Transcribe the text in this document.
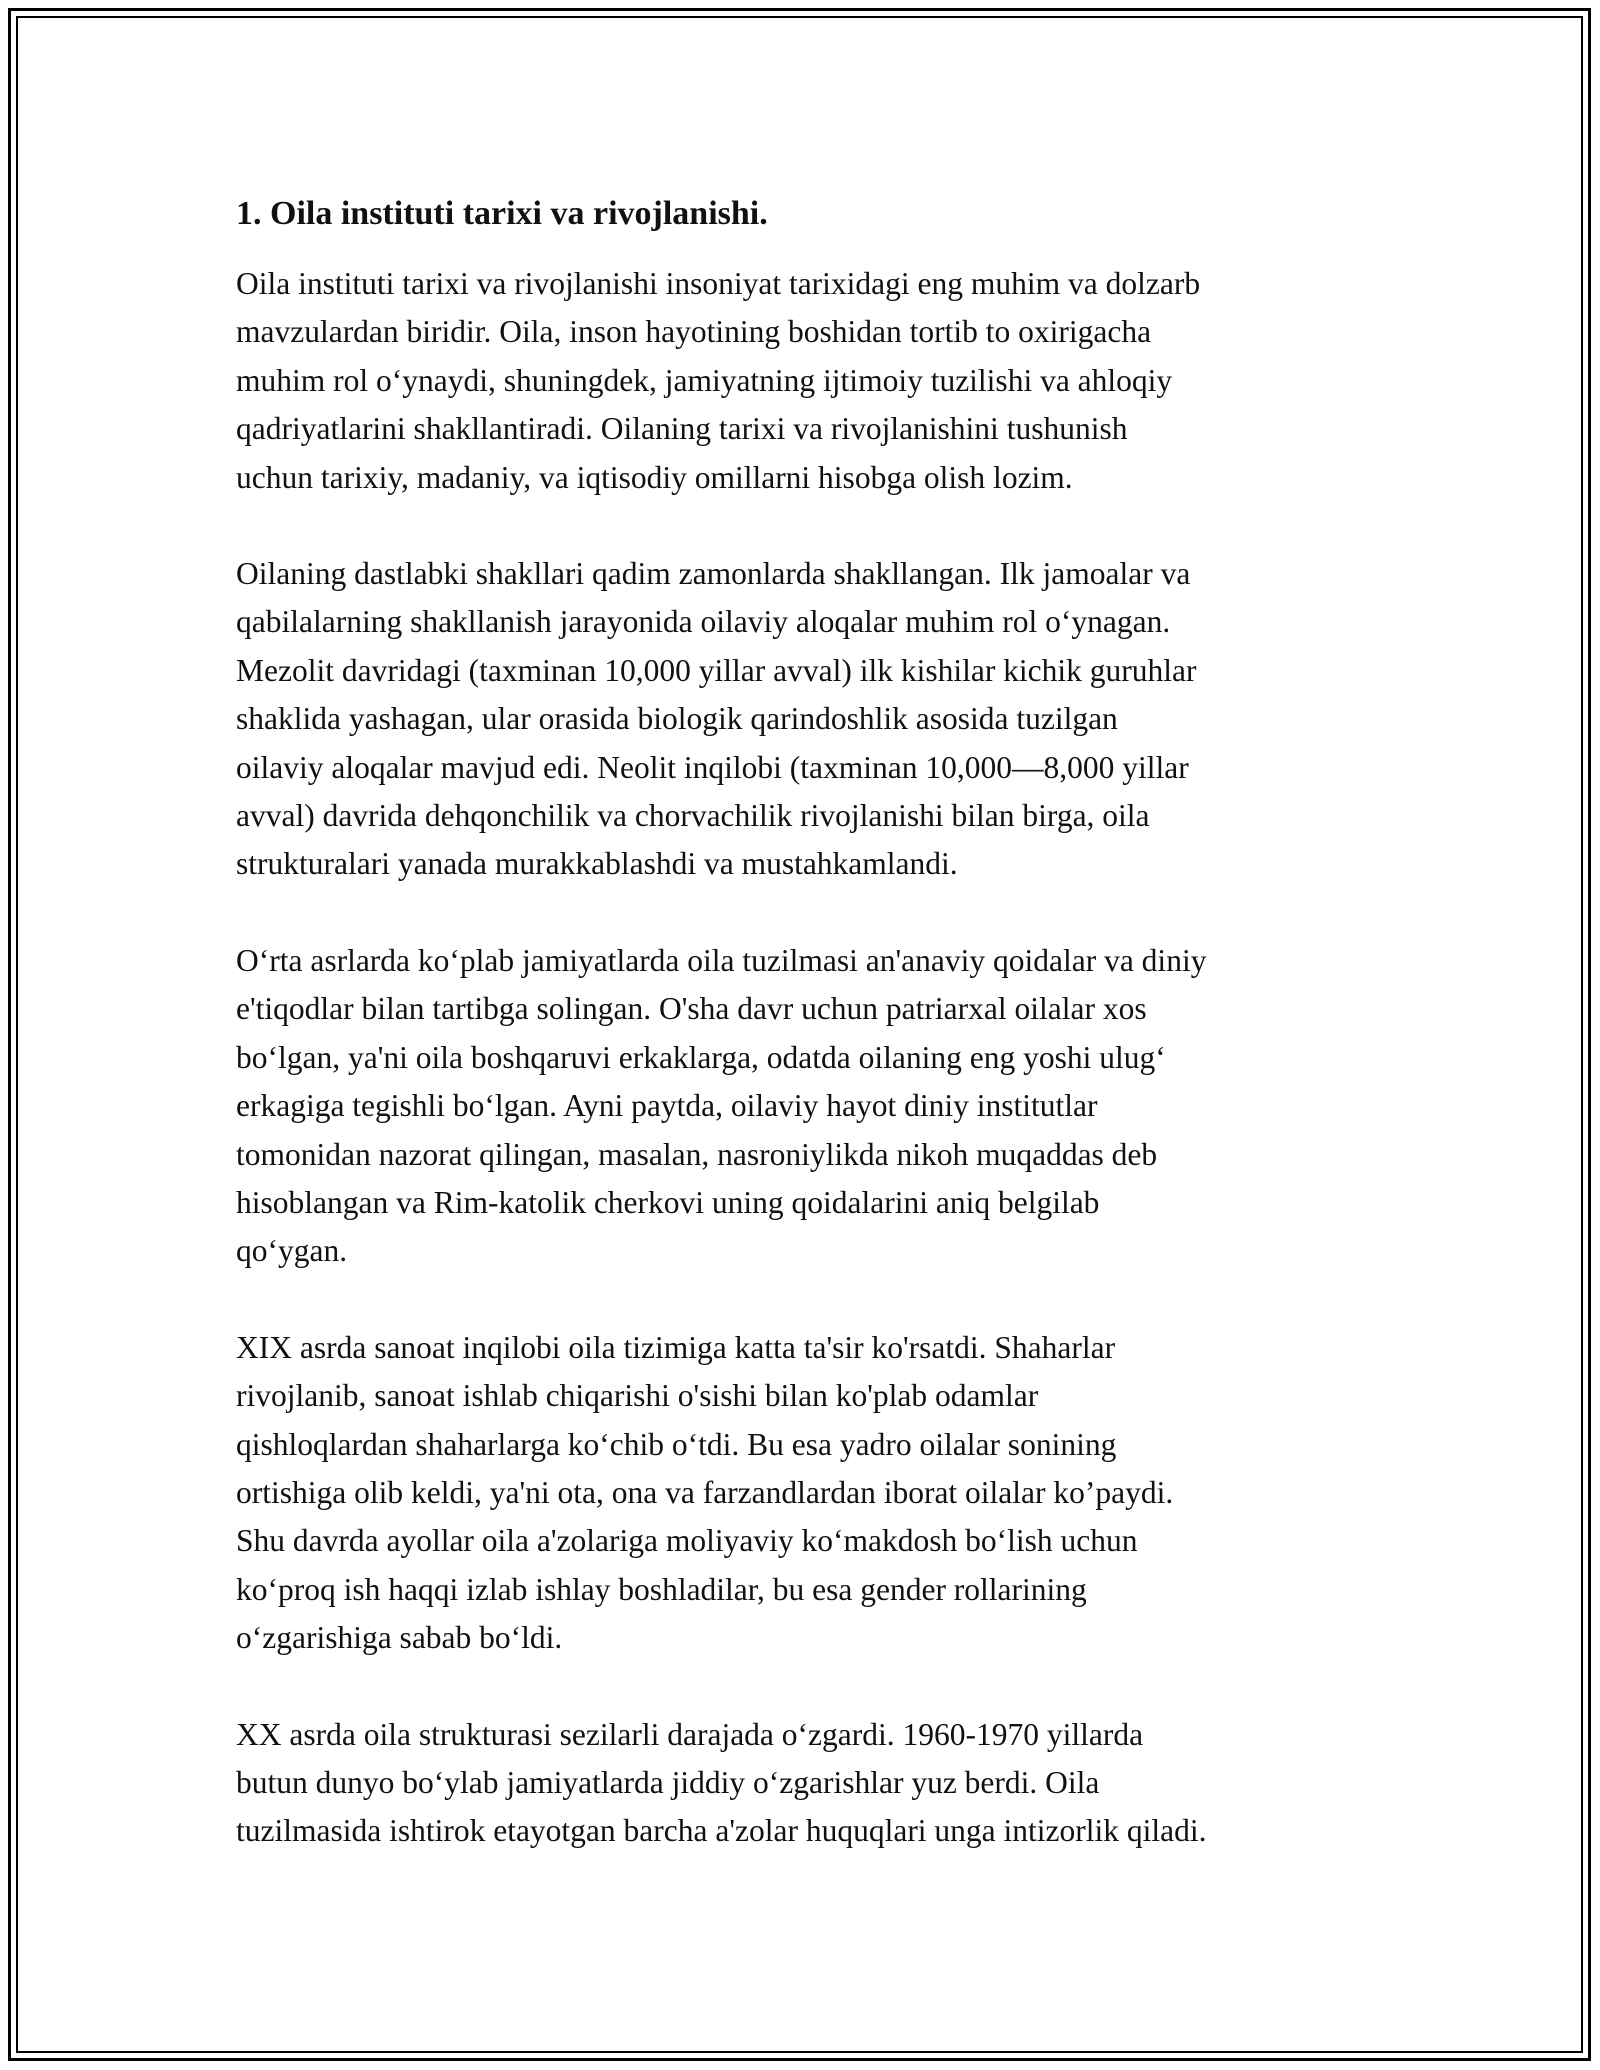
1. Oila instituti tarixi va rivojlanishi.
Oila instituti tarixi va rivojlanishi insoniyat tarixidagi eng muhim va dolzarb
mavzulardan biridir. Oila, inson hayotining boshidan tortib to oxirigacha
muhim rol o‘ynaydi, shuningdek, jamiyatning ijtimoiy tuzilishi va ahloqiy
qadriyatlarini shakllantiradi. Oilaning tarixi va rivojlanishini tushunish
uchun tarixiy, madaniy, va iqtisodiy omillarni hisobga olish lozim.
Oilaning dastlabki shakllari qadim zamonlarda shakllangan. Ilk jamoalar va
qabilalarning shakllanish jarayonida oilaviy aloqalar muhim rol o‘ynagan.
Mezolit davridagi (taxminan 10,000 yillar avval) ilk kishilar kichik guruhlar
shaklida yashagan, ular orasida biologik qarindoshlik asosida tuzilgan
oilaviy aloqalar mavjud edi. Neolit inqilobi (taxminan 10,000—8,000 yillar
avval) davrida dehqonchilik va chorvachilik rivojlanishi bilan birga, oila
strukturalari yanada murakkablashdi va mustahkamlandi.
O‘rta asrlarda ko‘plab jamiyatlarda oila tuzilmasi an'anaviy qoidalar va diniy
e'tiqodlar bilan tartibga solingan. O'sha davr uchun patriarxal oilalar xos
bo‘lgan, ya'ni oila boshqaruvi erkaklarga, odatda oilaning eng yoshi ulug‘
erkagiga tegishli bo‘lgan. Ayni paytda, oilaviy hayot diniy institutlar
tomonidan nazorat qilingan, masalan, nasroniylikda nikoh muqaddas deb
hisoblangan va Rim-katolik cherkovi uning qoidalarini aniq belgilab
qo‘ygan.
XIX asrda sanoat inqilobi oila tizimiga katta ta'sir ko'rsatdi. Shaharlar
rivojlanib, sanoat ishlab chiqarishi o'sishi bilan ko'plab odamlar
qishloqlardan shaharlarga ko‘chib o‘tdi. Bu esa yadro oilalar sonining
ortishiga olib keldi, ya'ni ota, ona va farzandlardan iborat oilalar ko’paydi.
Shu davrda ayollar oila a'zolariga moliyaviy ko‘makdosh bo‘lish uchun
ko‘proq ish haqqi izlab ishlay boshladilar, bu esa gender rollarining
o‘zgarishiga sabab bo‘ldi.
XX asrda oila strukturasi sezilarli darajada o‘zgardi. 1960-1970 yillarda
butun dunyo bo‘ylab jamiyatlarda jiddiy o‘zgarishlar yuz berdi. Oila
tuzilmasida ishtirok etayotgan barcha a'zolar huquqlari unga intizorlik qiladi.
